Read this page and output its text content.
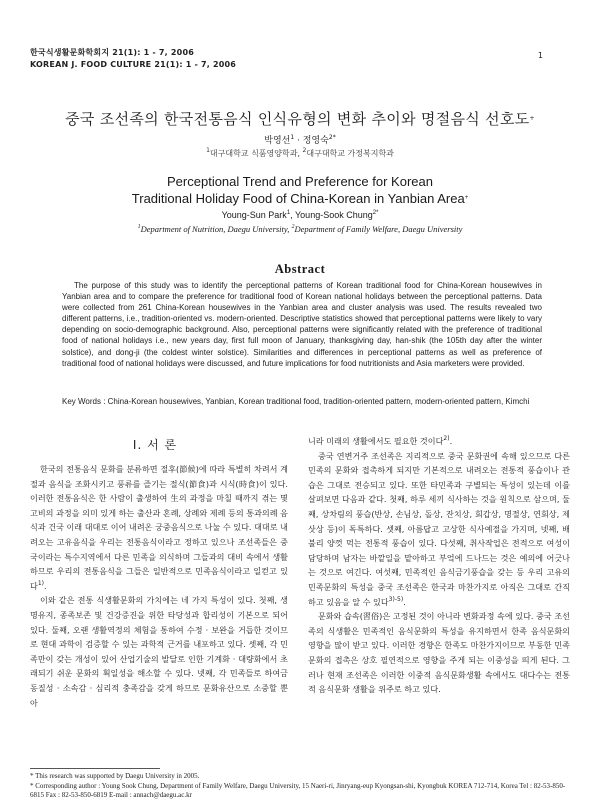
한국식생활문화학회지 21(1): 1 - 7, 2006
KOREAN J. FOOD CULTURE 21(1): 1 - 7, 2006
1
중국 조선족의 한국전통음식 인식유형의 변화 추이와 명절음식 선호도+
박영선$^1$ · 정영숙$^{2*}$
$^1$대구대학교 식품영양학과, $^2$대구대학교 가정복지학과
Perceptional Trend and Preference for Korean
Traditional Holiday Food of China-Korean in Yanbian Area+
Young-Sun Park$^1$, Young-Sook Chung$^{2*}$
$^1$Department of Nutrition, Daegu University, $^2$Department of Family Welfare, Daegu University
Abstract
The purpose of this study was to identify the perceptional patterns of Korean traditional food for China-Korean housewives in Yanbian area and to compare the preference for traditional food of Korean national holidays between the perceptional patterns. Data were collected from 261 China-Korean housewives in the Yanbian area and cluster analysis was used. The results revealed two different patterns, i.e., tradition-oriented vs. modern-oriented. Descriptive statistics showed that perceptional patterns were likely to vary depending on socio-demographic background. Also, perceptional patterns were significantly related with the preference of traditional food of national holidays i.e., new years day, first full moon of January, thanksgiving day, han-shik (the 105th day after the winter solstice), and dong-ji (the coldest winter solstice). Similarities and differences in perceptional patterns as well as preference of traditional food of national holidays were discussed, and future implications for food nutritionists and Asia marketers were provided.
Key Words : China-Korean housewives, Yanbian, Korean traditional food, tradition-oriented pattern, modern-oriented pattern, Kimchi
I. 서 론

한국의 전통음식 문화를 분류하면 절후(節候)에 따라 특별히 차려서 계절과 음식을 조화시키고 풍류를 즐기는 절식(節食)과 시식(時食)이 있다. 이러한 전통음식은 한 사람이 출생하여 生의 과정을 마칠 때까지 겪는 몇 고비의 과정을 의미 있게 하는 출산과 혼례, 상례와 제례 등의 통과의례 음식과 건국 이래 대대로 이어 내려온 궁중음식으로 나눌 수 있다. 대대로 내려오는 고유음식을 우리는 전통음식이라고 정하고 있으나 조선족들은 중국이라는 특수지역에서 다른 민족을 의식하며 그들과의 대비 속에서 생활하므로 우리의 전통음식을 그들은 일반적으로 민족음식이라고 일컫고 있다$^{1)}$.

이와 같은 전통 식생활문화의 가치에는 네 가지 특성이 있다. 첫째, 생명유지, 종족보존 및 건강증진을 위한 타당성과 합리성이 기본으로 되어 있다. 둘째, 오랜 생활역정의 체험을 통하여 수정 · 보완을 거듭한 것이므로 현대 과학이 검증할 수 있는 과학적 근거를 내포하고 있다. 셋째, 각 민족만이 갖는 개성이 있어 산업기술의 발달로 인한 기계화 · 대량화에서 초래되기 쉬운 문화의 획일성을 해소할 수 있다. 넷째, 각 민족들로 하여금 동질성 · 소속감 · 심리적 충족감을 갖게 하므로 문화유산으로 소중할 뿐 아

니라 미래의 생활에서도 필요한 것이다$^{2)}$.

중국 연변거주 조선족은 지리적으로 중국 문화권에 속해 있으므로 다른 민족의 문화와 접촉하게 되지만 기본적으로 내려오는 전통적 풍습이나 관습은 그대로 전승되고 있다. 또한 타민족과 구별되는 특성이 있는데 이를 살펴보면 다음과 같다. 첫째, 하루 세끼 식사하는 것을 원칙으로 삼으며, 둘째, 상차림의 풍습(반상, 손님상, 돌상, 잔치상, 회갑상, 명절상, 연회상, 제삿상 등)이 독특하다. 셋째, 아름답고 고상한 식사예절을 가지며, 넷째, 배불리 양껏 먹는 전통적 풍습이 있다. 다섯째, 취사작업은 전적으로 여성이 담당하며 남자는 바깥일을 맡아하고 부엌에 드나드는 것은 예의에 어긋나는 것으로 여긴다. 여섯째, 민족적인 음식금기풍습을 갖는 등 우리 고유의 민족문화의 특성을 중국 조선족은 한국과 마찬가지로 아직은 그대로 간직하고 있음을 알 수 있다$^{3)-5)}$.

문화와 습속(習俗)은 고정된 것이 아니라 변화과정 속에 있다. 중국 조선족의 식생활은 민족적인 음식문화의 특성을 유지하면서 한족 음식문화의 영향을 많이 받고 있다. 이러한 경향은 한족도 마찬가지이므로 부동한 민족문화의 접촉은 상호 필연적으로 영향을 주게 되는 이중성을 띄게 된다. 그러나 현재 조선족은 이러한 이중적 음식문화생활 속에서도 대다수는 전통적 음식문화 생활을 위주로 하고 있다.

* This research was supported by Daegu University in 2005.
* Corresponding author : Young Sook Chung, Department of Family Welfare, Daegu University, 15 Naeri-ri, Jinryang-eup Kyongsan-shi, Kyongbuk KOREA 712-714, Korea Tel : 82-53-850-6815 Fax : 82-53-850-6819 E-mail : annach@daegu.ac.kr
